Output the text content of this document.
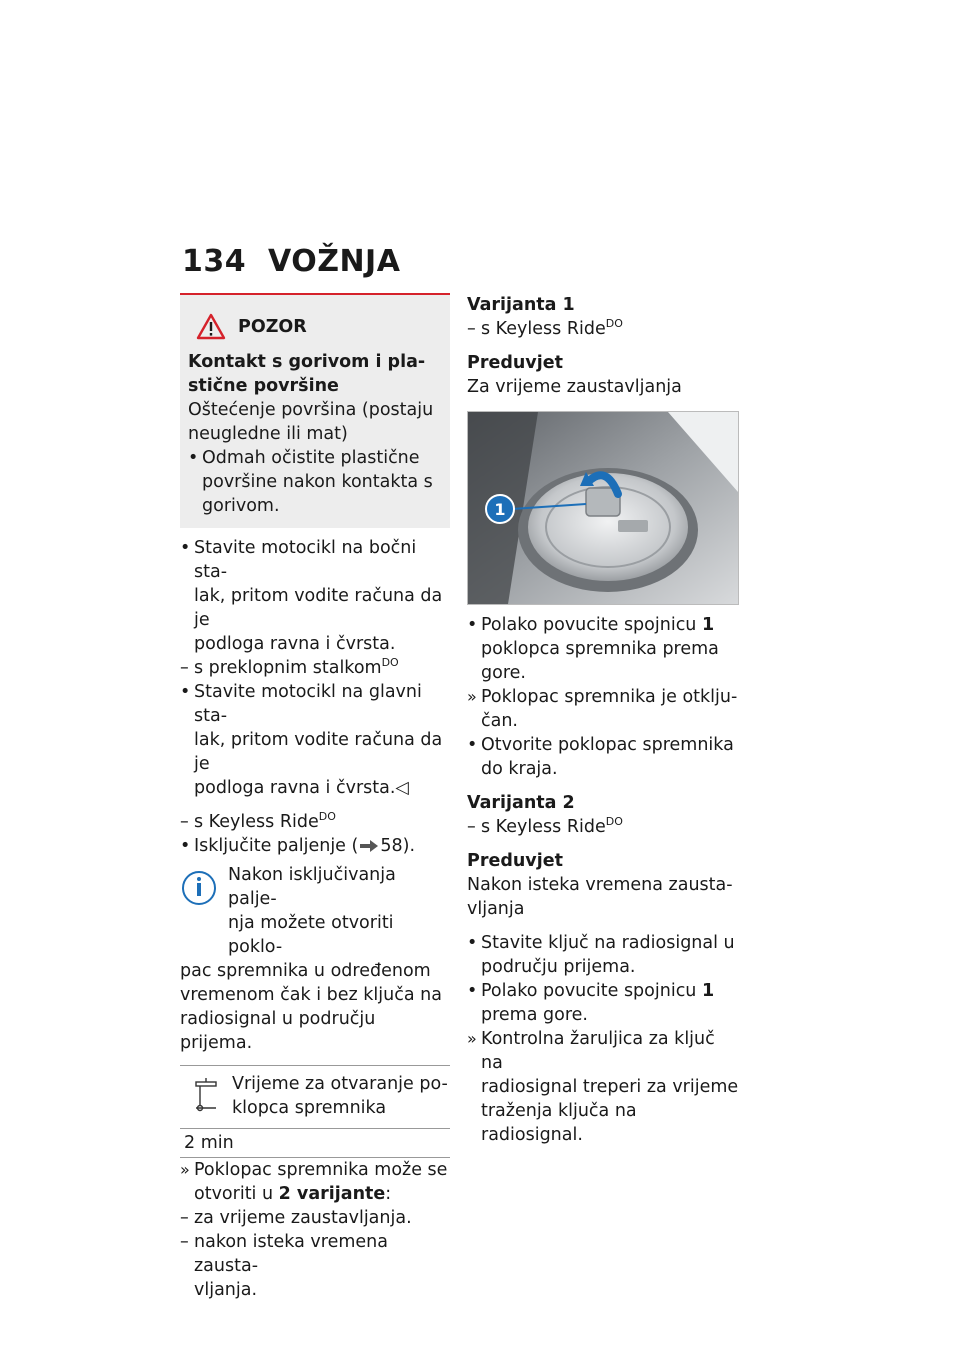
134 VOŽNJA
POZOR

Kontakt s gorivom i pla-

stične površine

Oštećenje površina (postaju

neugledne ili mat)

• Odmah očistite plastične

površine nakon kontakta s

gorivom.

• Stavite motocikl na bočni sta-

lak, pritom vodite računa da je

podloga ravna i čvrsta.

– s preklopnim stalkom$^{DO}$
• Stavite motocikl na glavni sta-

lak, pritom vodite računa da je

podloga ravna i čvrsta.◁

– s Keyless Ride$^{DO}$
• Isključite paljenje ( 58).

Nakon isključivanja palje-

nja možete otvoriti poklo-

pac spremnika u određenom

vremenom čak i bez ključa na

radiosignal u području prijema.

Vrijeme za otvaranje po-

klopca spremnika

2 min
» Poklopac spremnika može se

otvoriti u 2 varijante:

– za vrijeme zaustavljanja.

– nakon isteka vremena zausta-

vljanja.

Varijanta 1

– s Keyless Ride$^{DO}$

Preduvjet

Za vrijeme zaustavljanja

1
• Polako povucite spojnicu 1

poklopca spremnika prema

gore.

» Poklopac spremnika je otklju-

čan.

• Otvorite poklopac spremnika

do kraja.

Varijanta 2

– s Keyless Ride$^{DO}$

Preduvjet

Nakon isteka vremena zausta-

vljanja

• Stavite ključ na radiosignal u

području prijema.

• Polako povucite spojnicu 1

prema gore.

» Kontrolna žaruljica za ključ na

radiosignal treperi za vrijeme

traženja ključa na radiosignal.
